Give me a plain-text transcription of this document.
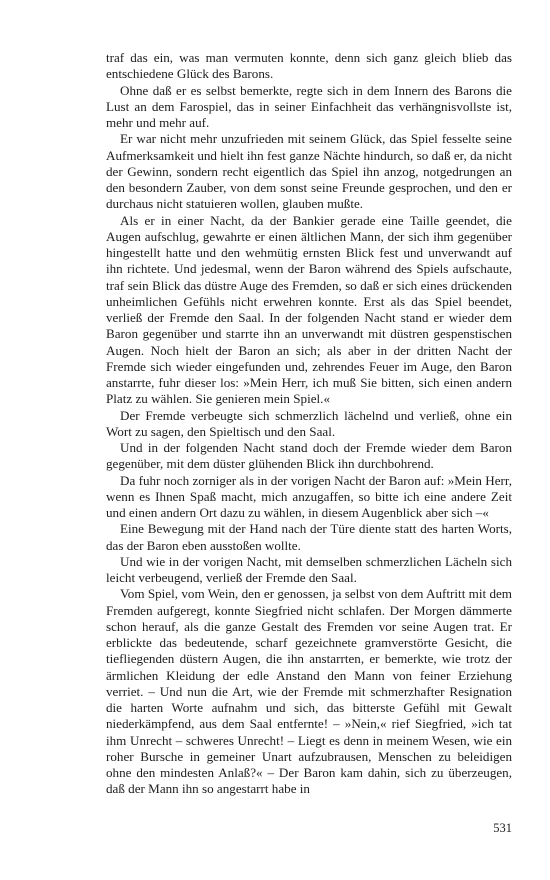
traf das ein, was man vermuten konnte, denn sich ganz gleich blieb das entschiedene Glück des Barons.

Ohne daß er es selbst bemerkte, regte sich in dem Innern des Barons die Lust an dem Farospiel, das in seiner Einfachheit das verhängnisvollste ist, mehr und mehr auf.

Er war nicht mehr unzufrieden mit seinem Glück, das Spiel fesselte seine Aufmerksamkeit und hielt ihn fest ganze Nächte hindurch, so daß er, da nicht der Gewinn, sondern recht eigentlich das Spiel ihn anzog, notgedrungen an den besondern Zauber, von dem sonst seine Freunde gesprochen, und den er durchaus nicht statuieren wollen, glauben mußte.

Als er in einer Nacht, da der Bankier gerade eine Taille geendet, die Augen aufschlug, gewahrte er einen ältlichen Mann, der sich ihm gegenüber hingestellt hatte und den wehmütig ernsten Blick fest und unverwandt auf ihn richtete. Und jedesmal, wenn der Baron während des Spiels aufschaute, traf sein Blick das düstre Auge des Fremden, so daß er sich eines drückenden unheimlichen Gefühls nicht erwehren konnte. Erst als das Spiel beendet, verließ der Fremde den Saal. In der folgenden Nacht stand er wieder dem Baron gegenüber und starrte ihn an unverwandt mit düstren gespenstischen Augen. Noch hielt der Baron an sich; als aber in der dritten Nacht der Fremde sich wieder eingefunden und, zehrendes Feuer im Auge, den Baron anstarrte, fuhr dieser los: »Mein Herr, ich muß Sie bitten, sich einen andern Platz zu wählen. Sie genieren mein Spiel.«

Der Fremde verbeugte sich schmerzlich lächelnd und verließ, ohne ein Wort zu sagen, den Spieltisch und den Saal.

Und in der folgenden Nacht stand doch der Fremde wieder dem Baron gegenüber, mit dem düster glühenden Blick ihn durchbohrend.

Da fuhr noch zorniger als in der vorigen Nacht der Baron auf: »Mein Herr, wenn es Ihnen Spaß macht, mich anzugaffen, so bitte ich eine andere Zeit und einen andern Ort dazu zu wählen, in diesem Augenblick aber sich –«

Eine Bewegung mit der Hand nach der Türe diente statt des harten Worts, das der Baron eben ausstoßen wollte.

Und wie in der vorigen Nacht, mit demselben schmerzlichen Lächeln sich leicht verbeugend, verließ der Fremde den Saal.

Vom Spiel, vom Wein, den er genossen, ja selbst von dem Auftritt mit dem Fremden aufgeregt, konnte Siegfried nicht schlafen. Der Morgen dämmerte schon herauf, als die ganze Gestalt des Fremden vor seine Augen trat. Er erblickte das bedeutende, scharf gezeichnete gramverstörte Gesicht, die tiefliegenden düstern Augen, die ihn anstarrten, er bemerkte, wie trotz der ärmlichen Kleidung der edle Anstand den Mann von feiner Erziehung verriet. – Und nun die Art, wie der Fremde mit schmerzhafter Resignation die harten Worte aufnahm und sich, das bitterste Gefühl mit Gewalt niederkämpfend, aus dem Saal entfernte! – »Nein,« rief Siegfried, »ich tat ihm Unrecht – schweres Unrecht! – Liegt es denn in meinem Wesen, wie ein roher Bursche in gemeiner Unart aufzubrausen, Menschen zu beleidigen ohne den mindesten Anlaß?« – Der Baron kam dahin, sich zu überzeugen, daß der Mann ihn so angestarrt habe in

531
